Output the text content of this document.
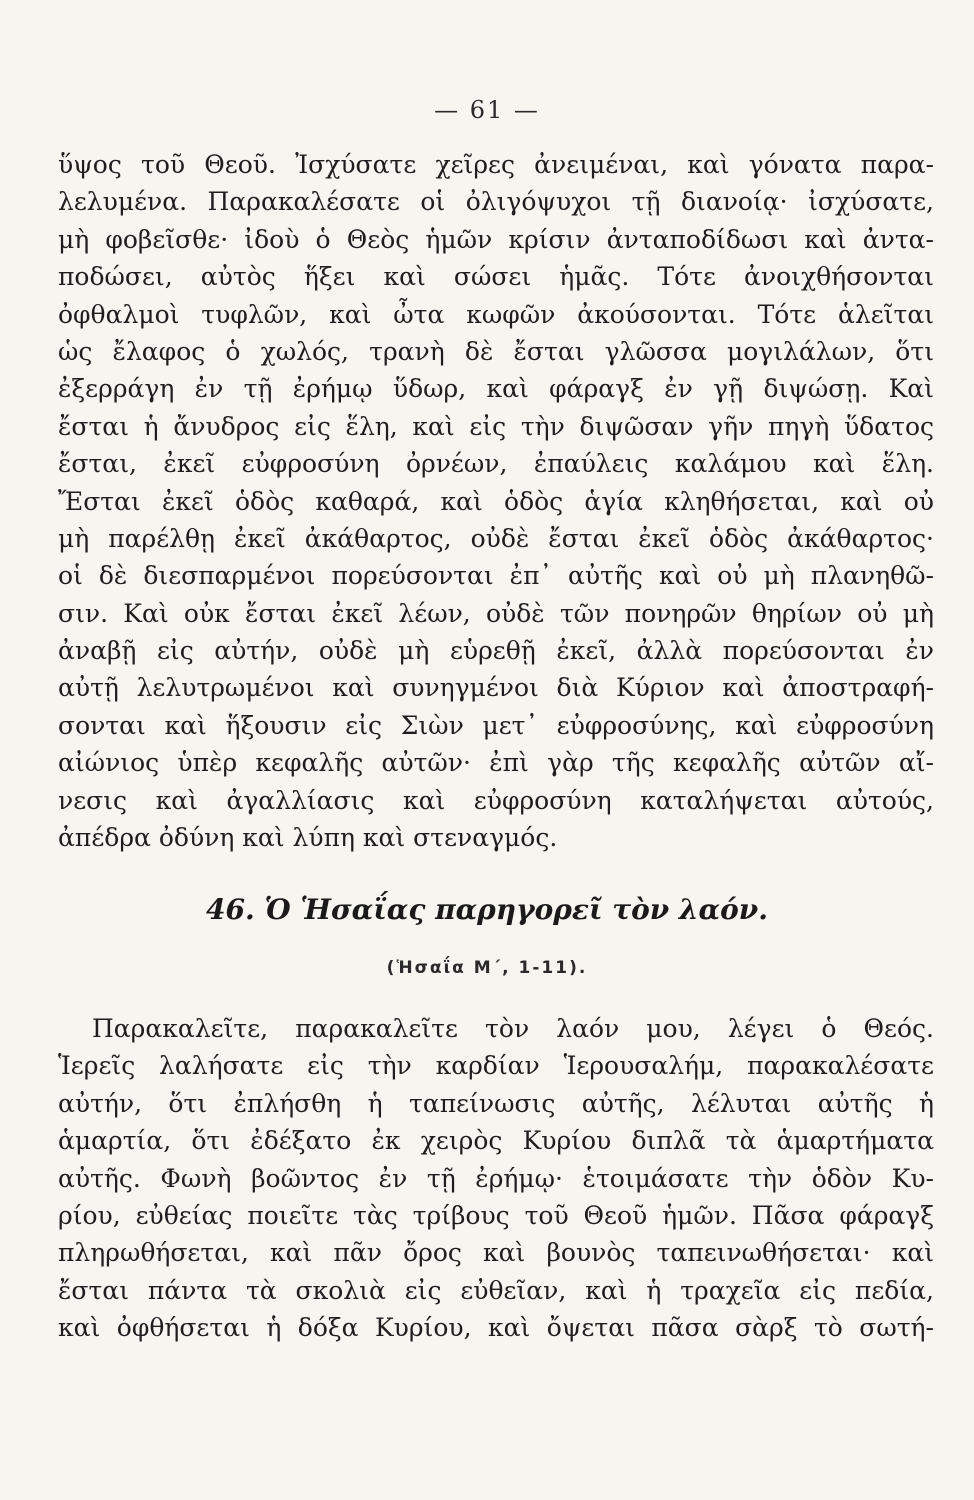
— 61 —
ὕψος τοῦ Θεοῦ. Ἰσχύσατε χεῖρες ἀνειμέναι, καὶ γόνατα παρα-
λελυμένα. Παρακαλέσατε οἱ ὀλιγόψυχοι τῇ διανοίᾳ· ἰσχύσατε,
μὴ φοβεῖσθε· ἰδοὺ ὁ Θεὸς ἡμῶν κρίσιν ἀνταποδίδωσι καὶ ἀντα-
ποδώσει, αὐτὸς ἥξει καὶ σώσει ἡμᾶς. Τότε ἀνοιχθήσονται
ὀφθαλμοὶ τυφλῶν, καὶ ὦτα κωφῶν ἀκούσονται. Τότε ἁλεῖται
ὡς ἔλαφος ὁ χωλός, τρανὴ δὲ ἔσται γλῶσσα μογιλάλων, ὅτι
ἐξερράγη ἐν τῇ ἐρήμῳ ὕδωρ, καὶ φάραγξ ἐν γῇ διψώσῃ. Καὶ
ἔσται ἡ ἄνυδρος εἰς ἕλη, καὶ εἰς τὴν διψῶσαν γῆν πηγὴ ὕδατος
ἔσται, ἐκεῖ εὐφροσύνη ὀρνέων, ἐπαύλεις καλάμου καὶ ἕλη.
Ἔσται ἐκεῖ ὁδὸς καθαρά, καὶ ὁδὸς ἁγία κληθήσεται, καὶ οὐ
μὴ παρέλθῃ ἐκεῖ ἀκάθαρτος, οὐδὲ ἔσται ἐκεῖ ὁδὸς ἀκάθαρτος·
οἱ δὲ διεσπαρμένοι πορεύσονται ἐπ᾽ αὐτῆς καὶ οὐ μὴ πλανηθῶ-
σιν. Καὶ οὐκ ἔσται ἐκεῖ λέων, οὐδὲ τῶν πονηρῶν θηρίων οὐ μὴ
ἀναβῇ εἰς αὐτήν, οὐδὲ μὴ εὑρεθῇ ἐκεῖ, ἀλλὰ πορεύσονται ἐν
αὐτῇ λελυτρωμένοι καὶ συνηγμένοι διὰ Κύριον καὶ ἀποστραφή-
σονται καὶ ἥξουσιν εἰς Σιὼν μετ᾽ εὐφροσύνης, καὶ εὐφροσύνη
αἰώνιος ὑπὲρ κεφαλῆς αὐτῶν· ἐπὶ γὰρ τῆς κεφαλῆς αὐτῶν αἴ-
νεσις καὶ ἀγαλλίασις καὶ εὐφροσύνη καταλήψεται αὐτούς,
ἀπέδρα ὀδύνη καὶ λύπη καὶ στεναγμός.
46. Ὁ Ἡσαΐας παρηγορεῖ τὸν λαόν.
(Ἡσαΐα Μ΄, 1-11).
Παρακαλεῖτε, παρακαλεῖτε τὸν λαόν μου, λέγει ὁ Θεός.
Ἱερεῖς λαλήσατε εἰς τὴν καρδίαν Ἱερουσαλήμ, παρακαλέσατε
αὐτήν, ὅτι ἐπλήσθη ἡ ταπείνωσις αὐτῆς, λέλυται αὐτῆς ἡ
ἁμαρτία, ὅτι ἐδέξατο ἐκ χειρὸς Κυρίου διπλᾶ τὰ ἁμαρτήματα
αὐτῆς. Φωνὴ βοῶντος ἐν τῇ ἐρήμῳ· ἑτοιμάσατε τὴν ὁδὸν Κυ-
ρίου, εὐθείας ποιεῖτε τὰς τρίβους τοῦ Θεοῦ ἡμῶν. Πᾶσα φάραγξ
πληρωθήσεται, καὶ πᾶν ὄρος καὶ βουνὸς ταπεινωθήσεται· καὶ
ἔσται πάντα τὰ σκολιὰ εἰς εὐθεῖαν, καὶ ἡ τραχεῖα εἰς πεδία,
καὶ ὀφθήσεται ἡ δόξα Κυρίου, καὶ ὄψεται πᾶσα σὰρξ τὸ σωτή-
